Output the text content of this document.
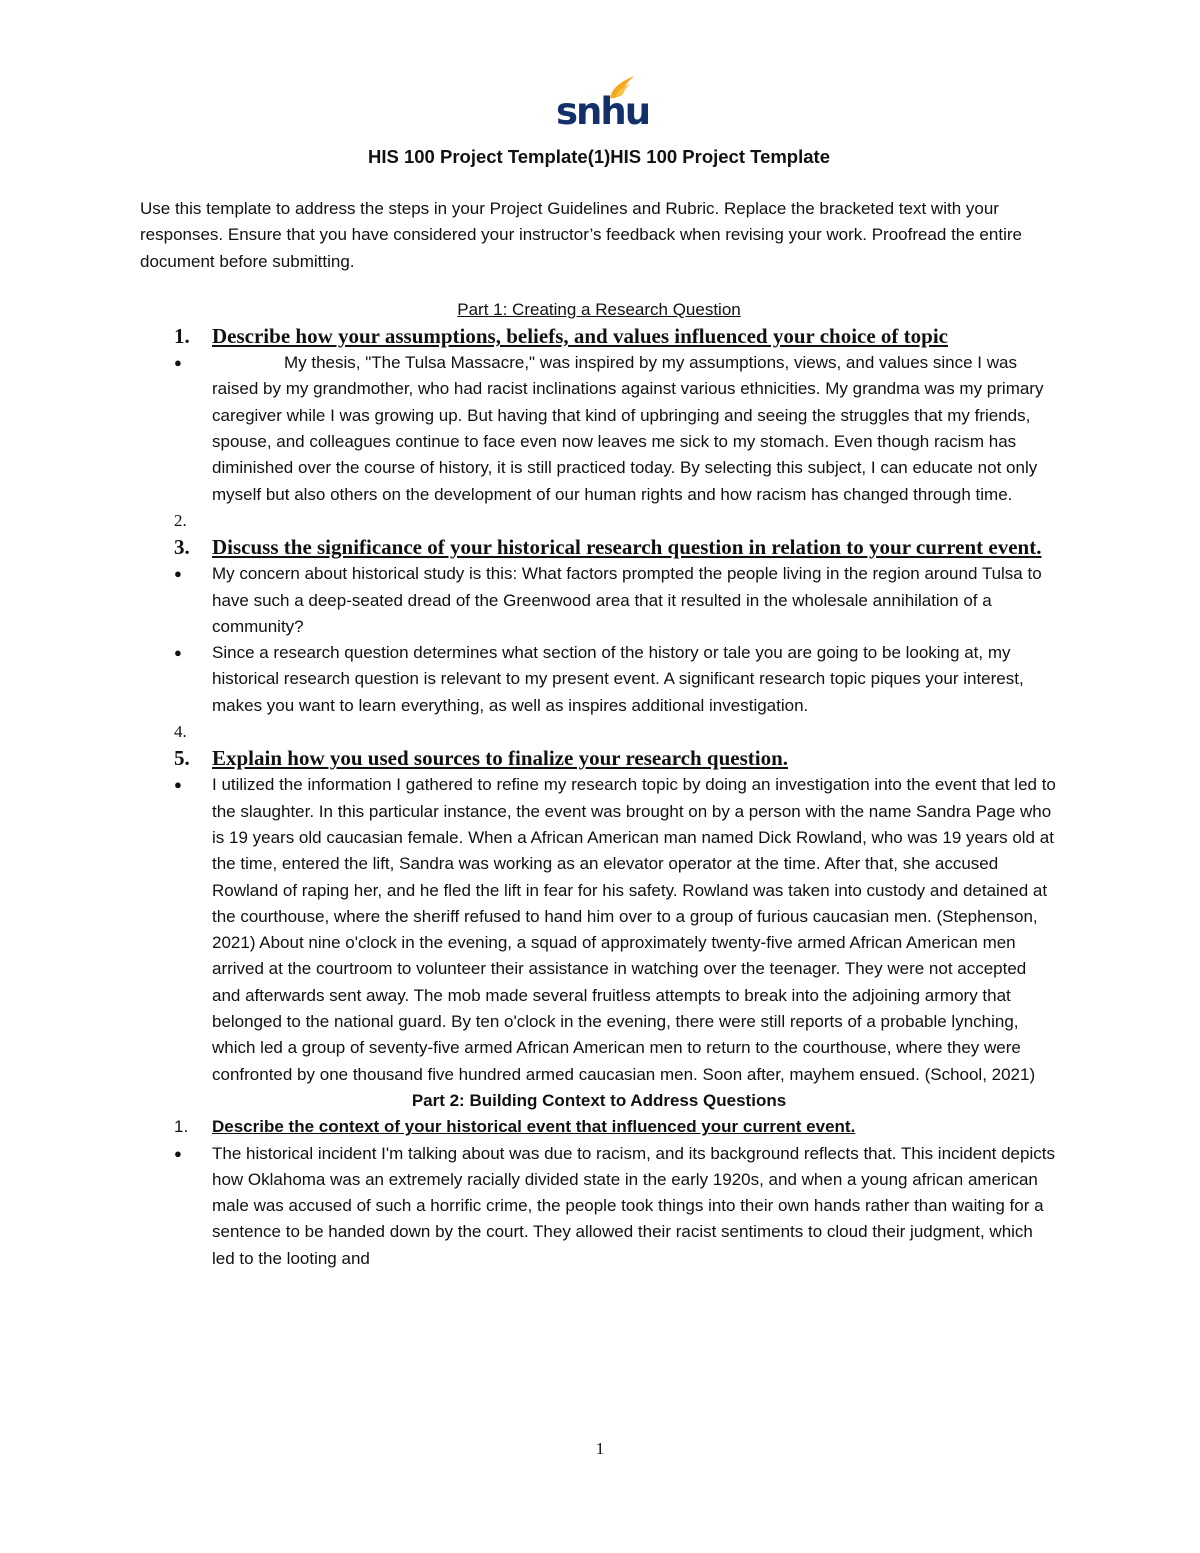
snhu

HIS 100 Project Template(1)HIS 100 Project Template

Use this template to address the steps in your Project Guidelines and Rubric. Replace the bracketed text with your responses. Ensure that you have considered your instructor’s feedback when revising your work. Proofread the entire document before submitting.

Part 1: Creating a Research Question

1. Describe how your assumptions, beliefs, and values influenced your choice of topic
●	My thesis, "The Tulsa Massacre," was inspired by my assumptions, views, and values since I was raised by my grandmother, who had racist inclinations against various ethnicities. My grandma was my primary caregiver while I was growing up. But having that kind of upbringing and seeing the struggles that my friends, spouse, and colleagues continue to face even now leaves me sick to my stomach. Even though racism has diminished over the course of history, it is still practiced today. By selecting this subject, I can educate not only myself but also others on the development of our human rights and how racism has changed through time.
2.

3. Discuss the significance of your historical research question in relation to your current event.
● My concern about historical study is this: What factors prompted the people living in the region around Tulsa to have such a deep-seated dread of the Greenwood area that it resulted in the wholesale annihilation of a community?
● Since a research question determines what section of the history or tale you are going to be looking at, my historical research question is relevant to my present event. A significant research topic piques your interest, makes you want to learn everything, as well as inspires additional investigation.
4.

5. Explain how you used sources to finalize your research question.
● I utilized the information I gathered to refine my research topic by doing an investigation into the event that led to the slaughter. In this particular instance, the event was brought on by a person with the name Sandra Page who is 19 years old caucasian female. When a African American man named Dick Rowland, who was 19 years old at the time, entered the lift, Sandra was working as an elevator operator at the time. After that, she accused Rowland of raping her, and he fled the lift in fear for his safety. Rowland was taken into custody and detained at the courthouse, where the sheriff refused to hand him over to a group of furious caucasian men. (Stephenson, 2021) About nine o'clock in the evening, a squad of approximately twenty-five armed African American men arrived at the courtroom to volunteer their assistance in watching over the teenager. They were not accepted and afterwards sent away. The mob made several fruitless attempts to break into the adjoining armory that belonged to the national guard. By ten o'clock in the evening, there were still reports of a probable lynching, which led a group of seventy-five armed African American men to return to the courthouse, where they were confronted by one thousand five hundred armed caucasian men. Soon after, mayhem ensued. (School, 2021)

Part 2: Building Context to Address Questions

1. Describe the context of your historical event that influenced your current event.
● The historical incident I'm talking about was due to racism, and its background reflects that. This incident depicts how Oklahoma was an extremely racially divided state in the early 1920s, and when a young african american male was accused of such a horrific crime, the people took things into their own hands rather than waiting for a sentence to be handed down by the court. They allowed their racist sentiments to cloud their judgment, which led to the looting and
1
